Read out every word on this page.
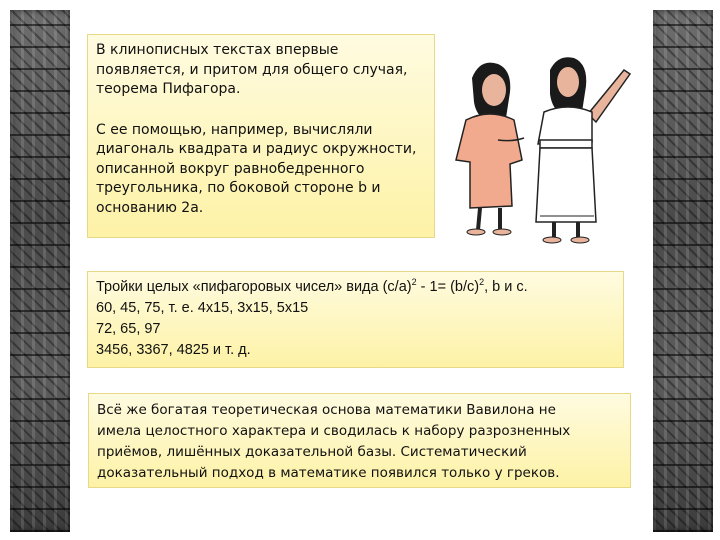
В клинописных текстах впервые
появляется, и притом для общего случая,
теорема Пифагора.

С ее помощью, например, вычисляли
диагональ квадрата и радиус окружности,
описанной вокруг равнобедренного
треугольника, по боковой стороне b и
основанию 2a.

Тройки целых «пифагоровых чисел» вида $(c/a)^2 - 1= (b/c)^2$, b и c.

60, 45, 75, т. е. 4x15, 3x15, 5x15

72, 65, 97

3456, 3367, 4825 и т. д.

Всё же богатая теоретическая основа математики Вавилона не
имела целостного характера и сводилась к набору разрозненных
приёмов, лишённых доказательной базы. Систематический
доказательный подход в математике появился только у греков.
